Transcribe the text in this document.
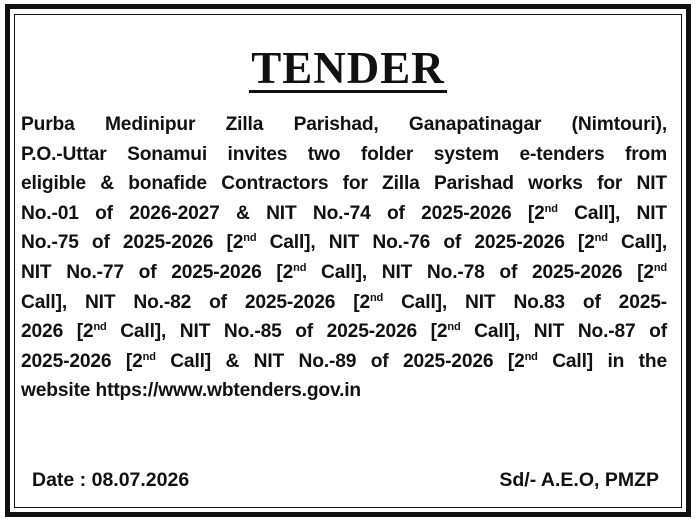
TENDER
Purba Medinipur Zilla Parishad, Ganapatinagar (Nimtouri),
P.O.-Uttar Sonamui invites two folder system e-tenders from
eligible & bonafide Contractors for Zilla Parishad works for NIT
No.-01 of 2026-2027 & NIT No.-74 of 2025-2026 [2nd Call], NIT
No.-75 of 2025-2026 [2nd Call], NIT No.-76 of 2025-2026 [2nd Call],
NIT No.-77 of 2025-2026 [2nd Call], NIT No.-78 of 2025-2026 [2nd
Call], NIT No.-82 of 2025-2026 [2nd Call], NIT No.83 of 2025-
2026 [2nd Call], NIT No.-85 of 2025-2026 [2nd Call], NIT No.-87 of
2025-2026 [2nd Call] & NIT No.-89 of 2025-2026 [2nd Call] in the
website https://www.wbtenders.gov.in
Date : 08.07.2026	Sd/- A.E.O, PMZP
